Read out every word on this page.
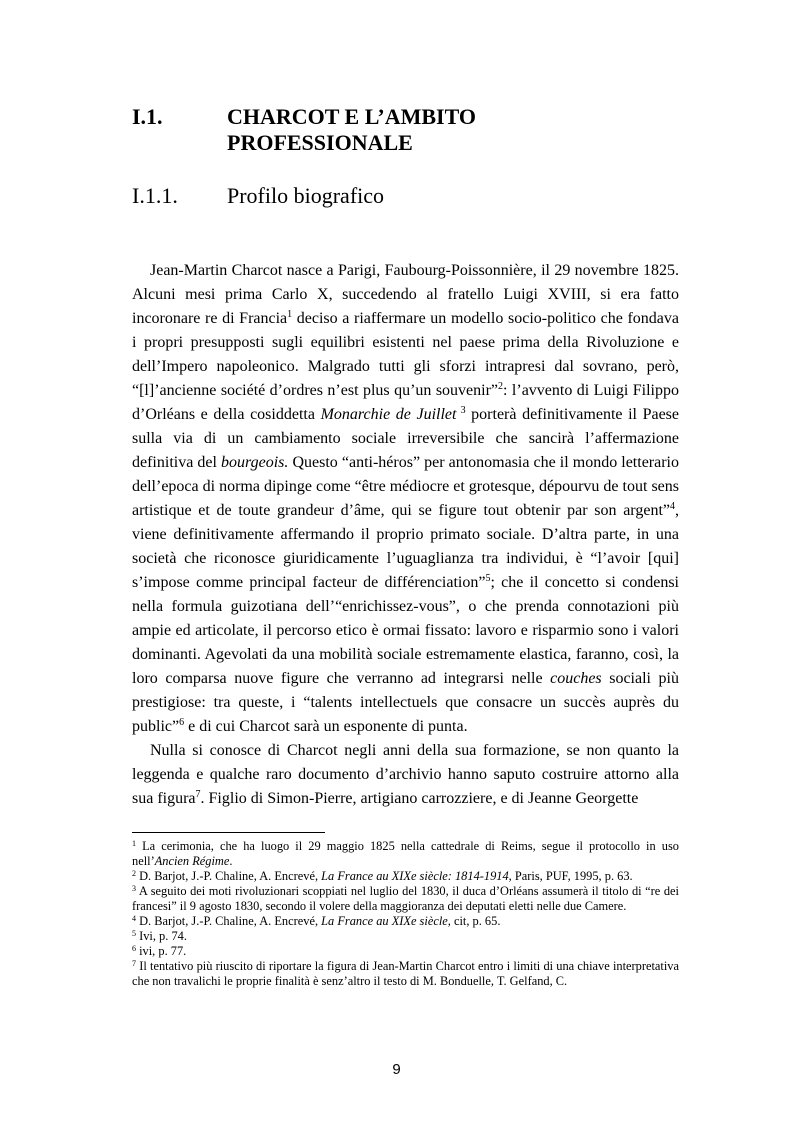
I.1.	CHARCOT E L’AMBITO
PROFESSIONALE
I.1.1. Profilo biografico

Jean-Martin Charcot nasce a Parigi, Faubourg-Poissonnière, il 29 novembre 1825. Alcuni mesi prima Carlo X, succedendo al fratello Luigi XVIII, si era fatto incoronare re di Francia$^1$ deciso a riaffermare un modello socio-politico che fondava i propri presupposti sugli equilibri esistenti nel paese prima della Rivoluzione e dell’Impero napoleonico. Malgrado tutti gli sforzi intrapresi dal sovrano, però, “[l]’ancienne société d’ordres n’est plus qu’un souvenir”$^2$: l’avvento di Luigi Filippo d’Orléans e della cosiddetta Monarchie de Juillet $^3$ porterà definitivamente il Paese sulla via di un cambiamento sociale irreversibile che sancirà l’affermazione definitiva del bourgeois. Questo “anti-héros” per antonomasia che il mondo letterario dell’epoca di norma dipinge come “être médiocre et grotesque, dépourvu de tout sens artistique et de toute grandeur d’âme, qui se figure tout obtenir par son argent”$^4$, viene definitivamente affermando il proprio primato sociale. D’altra parte, in una società che riconosce giuridicamente l’uguaglianza tra individui, è “l’avoir [qui] s’impose comme principal facteur de différenciation”$^5$; che il concetto si condensi nella formula guizotiana dell’“enrichissez-vous”, o che prenda connotazioni più ampie ed articolate, il percorso etico è ormai fissato: lavoro e risparmio sono i valori dominanti. Agevolati da una mobilità sociale estremamente elastica, faranno, così, la loro comparsa nuove figure che verranno ad integrarsi nelle couches sociali più prestigiose: tra queste, i “talents intellectuels que consacre un succès auprès du public”$^6$ e di cui Charcot sarà un esponente di punta.

Nulla si conosce di Charcot negli anni della sua formazione, se non quanto la leggenda e qualche raro documento d’archivio hanno saputo costruire attorno alla sua figura$^7$. Figlio di Simon-Pierre, artigiano carrozziere, e di Jeanne Georgette

$^1$ La cerimonia, che ha luogo il 29 maggio 1825 nella cattedrale di Reims, segue il protocollo in uso nell’Ancien Régime.

$^2$ D. Barjot, J.-P. Chaline, A. Encrevé, La France au XIXe siècle: 1814-1914, Paris, PUF, 1995, p. 63.

$^3$ A seguito dei moti rivoluzionari scoppiati nel luglio del 1830, il duca d’Orléans assumerà il titolo di “re dei francesi” il 9 agosto 1830, secondo il volere della maggioranza dei deputati eletti nelle due Camere.

$^4$ D. Barjot, J.-P. Chaline, A. Encrevé, La France au XIXe siècle, cit, p. 65.

$^5$ Ivi, p. 74.

$^6$ ivi, p. 77.

$^7$ Il tentativo più riuscito di riportare la figura di Jean-Martin Charcot entro i limiti di una chiave interpretativa che non travalichi le proprie finalità è senz’altro il testo di M. Bonduelle, T. Gelfand, C.

9
